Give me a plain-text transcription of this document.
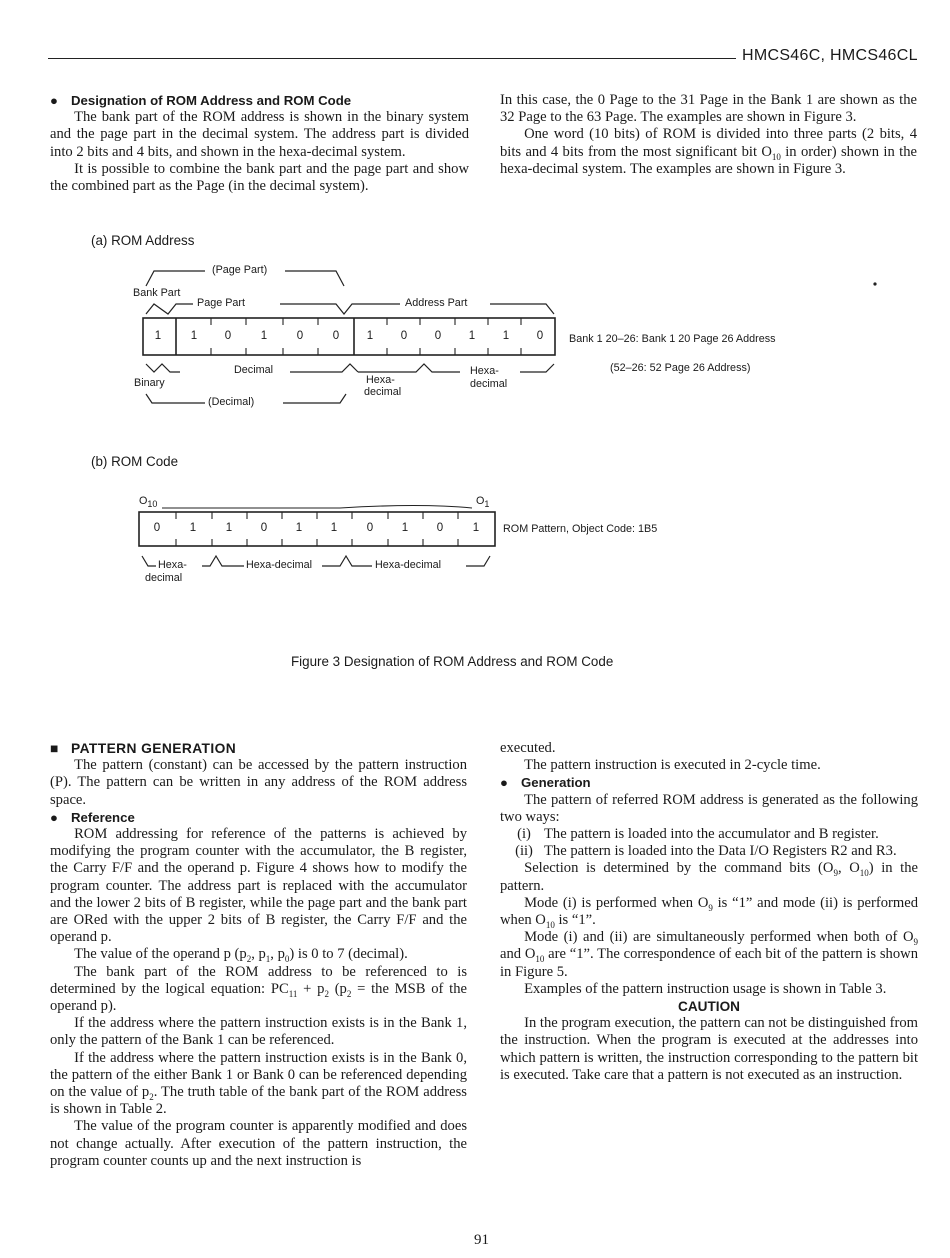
HMCS46C, HMCS46CL

● Designation of ROM Address and ROM Code

The bank part of the ROM address is shown in the binary system and the page part in the decimal system. The address part is divided into 2 bits and 4 bits, and shown in the hexa-decimal system.

It is possible to combine the bank part and the page part and show the combined part as the Page (in the decimal system).

In this case, the 0 Page to the 31 Page in the Bank 1 are shown as the 32 Page to the 63 Page. The examples are shown in Figure 3.

One word (10 bits) of ROM is divided into three parts (2 bits, 4 bits and 4 bits from the most significant bit $O_{10}$ in order) shown in the hexa-decimal system. The examples are shown in Figure 3.

(a) ROM Address
(Page Part)
Bank Part
Page Part	Address Part
1	1	0	1	0	0	1	0	0	1	1	0	Bank 1 20–26: Bank 1 20 Page 26 Address
(52–26: 52 Page 26 Address)
Binary
Decimal
Hexa-
decimal
Hexa-
decimal
(Decimal)
(b) ROM Code
$O_{10}$	$O_1$
0	1	1	0	1	1	0	1	0	1	ROM Pattern, Object Code: 1B5
Hexa-
decimal
Hexa-decimal	Hexa-decimal
Figure 3 Designation of ROM Address and ROM Code

■ PATTERN GENERATION

The pattern (constant) can be accessed by the pattern instruction (P). The pattern can be written in any address of the ROM address space.

● Reference

ROM addressing for reference of the patterns is achieved by modifying the program counter with the accumulator, the B register, the Carry F/F and the operand p. Figure 4 shows how to modify the program counter. The address part is replaced with the accumulator and the lower 2 bits of B register, while the page part and the bank part are ORed with the upper 2 bits of B register, the Carry F/F and the operand p.

The value of the operand p ($p_2$, $p_1$, $p_0$) is 0 to 7 (decimal).

The bank part of the ROM address to be referenced to is determined by the logical equation: $PC_{11} + p_2$ ($p_2$ = the MSB of the operand p).

If the address where the pattern instruction exists is in the Bank 1, only the pattern of the Bank 1 can be referenced.

If the address where the pattern instruction exists is in the Bank 0, the pattern of the either Bank 1 or Bank 0 can be referenced depending on the value of $p_2$. The truth table of the bank part of the ROM address is shown in Table 2.

The value of the program counter is apparently modified and does not change actually. After execution of the pattern instruction, the program counter counts up and the next instruction is

executed.

The pattern instruction is executed in 2-cycle time.

● Generation

The pattern of referred ROM address is generated as the following two ways:

(i) The pattern is loaded into the accumulator and B register.
(ii) The pattern is loaded into the Data I/O Registers R2 and R3.

Selection is determined by the command bits ($O_9$, $O_{10}$) in the pattern.

Mode (i) is performed when $O_9$ is “1” and mode (ii) is performed when $O_{10}$ is “1”.

Mode (i) and (ii) are simultaneously performed when both of $O_9$ and $O_{10}$ are “1”. The correspondence of each bit of the pattern is shown in Figure 5.

Examples of the pattern instruction usage is shown in Table 3.

CAUTION

In the program execution, the pattern can not be distinguished from the instruction. When the program is executed at the addresses into which pattern is written, the instruction corresponding to the pattern bit is executed. Take care that a pattern is not executed as an instruction.

91
